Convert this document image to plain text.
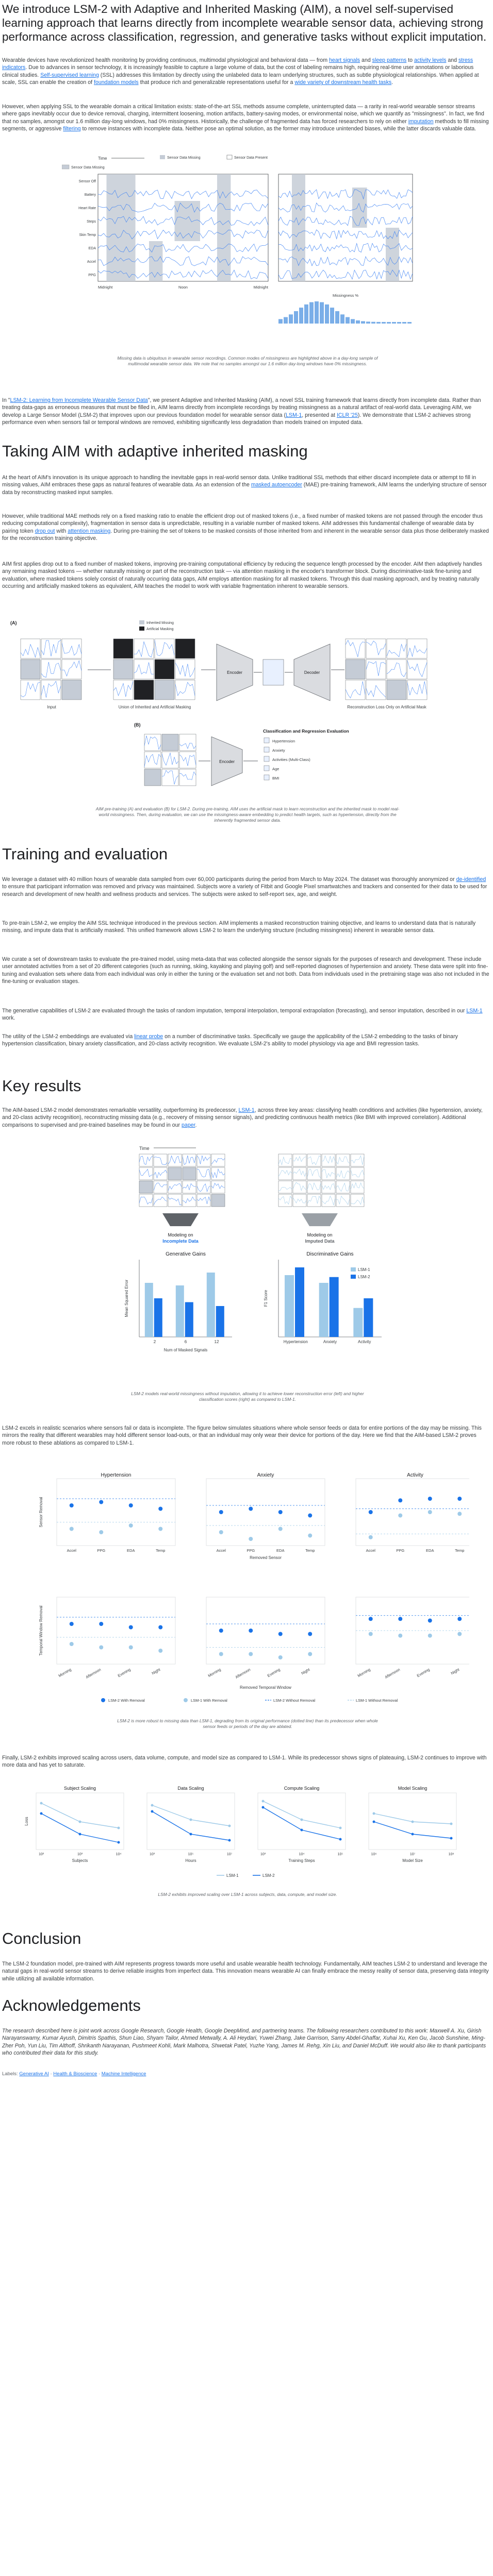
We introduce LSM-2 with Adaptive and Inherited Masking (AIM), a novel self-supervised learning approach that learns directly from incomplete wearable sensor data, achieving strong performance across classification, regression, and generative tasks without explicit imputation.

Wearable devices have revolutionized health monitoring by providing continuous, multimodal physiological and behavioral data — from heart signals and sleep patterns to activity levels and stress indicators. Due to advances in sensor technology, it is increasingly feasible to capture a large volume of data, but the cost of labeling remains high, requiring real-time user annotations or laborious clinical studies. Self-supervised learning (SSL) addresses this limitation by directly using the unlabeled data to learn underlying structures, such as subtle physiological relationships. When applied at scale, SSL can enable the creation of foundation models that produce rich and generalizable representations useful for a wide variety of downstream health tasks.

However, when applying SSL to the wearable domain a critical limitation exists: state-of-the-art SSL methods assume complete, uninterrupted data — a rarity in real-world wearable sensor streams where gaps inevitably occur due to device removal, charging, intermittent loosening, motion artifacts, battery-saving modes, or environmental noise, which we quantify as "missingness". In fact, we find that no samples, amongst our 1.6 million day-long windows, had 0% missingness. Historically, the challenge of fragmented data has forced researchers to rely on either imputation methods to fill missing segments, or aggressive filtering to remove instances with incomplete data. Neither pose an optimal solution, as the former may introduce unintended biases, while the latter discards valuable data.

Sensor Data Missing
Sensor Off
Battery
Heart Rate
Steps
Skin Temp
EDA
Accel
PPG
Time	Sensor Data Missing	Sensor Data Present
Midnight	Noon	Midnight
Missingness %

Missing data is ubiquitous in wearable sensor recordings. Common modes of missingness are highlighted above in a day-long sample of multimodal wearable sensor data. We note that no samples amongst our 1.6 million day-long windows have 0% missingness.

In "LSM-2: Learning from Incomplete Wearable Sensor Data", we present Adaptive and Inherited Masking (AIM), a novel SSL training framework that learns directly from incomplete data. Rather than treating data-gaps as erroneous measures that must be filled in, AIM learns directly from incomplete recordings by treating missingness as a natural artifact of real-world data. Leveraging AIM, we develop a Large Sensor Model (LSM-2) that improves upon our previous foundation model for wearable sensor data (LSM-1, presented at ICLR '25). We demonstrate that LSM-2 achieves strong performance even when sensors fail or temporal windows are removed, exhibiting significantly less degradation than models trained on imputed data.

Taking AIM with adaptive inherited masking

At the heart of AIM's innovation is its unique approach to handling the inevitable gaps in real-world sensor data. Unlike traditional SSL methods that either discard incomplete data or attempt to fill in missing values, AIM embraces these gaps as natural features of wearable data. As an extension of the masked autoencoder (MAE) pre-training framework, AIM learns the underlying structure of sensor data by reconstructing masked input samples.

However, while traditional MAE methods rely on a fixed masking ratio to enable the efficient drop out of masked tokens (i.e., a fixed number of masked tokens are not passed through the encoder thus reducing computational complexity), fragmentation in sensor data is unpredictable, resulting in a variable number of masked tokens. AIM addresses this fundamental challenge of wearable data by pairing token drop out with attention masking. During pre-training the set of tokens to be masked consists of those inherited from and inherent in the wearable sensor data plus those deliberately masked for the reconstruction training objective.

AIM first applies drop out to a fixed number of masked tokens, improving pre-training computational efficiency by reducing the sequence length processed by the encoder. AIM then adaptively handles any remaining masked tokens — whether naturally missing or part of the reconstruction task — via attention masking in the encoder's transformer block. During discriminative-task fine-tuning and evaluation, where masked tokens solely consist of naturally occurring data gaps, AIM employs attention masking for all masked tokens. Through this dual masking approach, and by treating naturally occurring and artificially masked tokens as equivalent, AIM teaches the model to work with variable fragmentation inherent to wearable sensors.

(A)	Inherited Missing
Artificial Masking
Input	Union of Inherited and Artificial Masking
Encoder	Decoder
Reconstruction Loss Only on Artificial Mask
(B)
Encoder
Classification and Regression Evaluation
Hypertension
Anxiety
Activities (Multi-Class)
Age
BMI

AIM pre-training (A) and evaluation (B) for LSM-2. During pre-training, AIM uses the artificial mask to learn reconstruction and the inherited mask to model real-world missingness. Then, during evaluation, we can use the missingness-aware embedding to predict health targets, such as hypertension, directly from the inherently fragmented sensor data.

Training and evaluation

We leverage a dataset with 40 million hours of wearable data sampled from over 60,000 participants during the period from March to May 2024. The dataset was thoroughly anonymized or de-identified to ensure that participant information was removed and privacy was maintained. Subjects wore a variety of Fitbit and Google Pixel smartwatches and trackers and consented for their data to be used for research and development of new health and wellness products and services. The subjects were asked to self-report sex, age, and weight.

To pre-train LSM-2, we employ the AIM SSL technique introduced in the previous section. AIM implements a masked reconstruction training objective, and learns to understand data that is naturally missing, and impute data that is artificially masked. This unified framework allows LSM-2 to learn the underlying structure (including missingness) inherent in wearable sensor data.

We curate a set of downstream tasks to evaluate the pre-trained model, using meta-data that was collected alongside the sensor signals for the purposes of research and development. These include user annotated activities from a set of 20 different categories (such as running, skiing, kayaking and playing golf) and self-reported diagnoses of hypertension and anxiety. These data were split into fine-tuning and evaluation sets where data from each individual was only in either the tuning or the evaluation set and not both. Data from individuals used in the pretraining stage was also not included in the fine-tuning or evaluation stages.

The generative capabilities of LSM-2 are evaluated through the tasks of random imputation, temporal interpolation, temporal extrapolation (forecasting), and sensor imputation, described in our LSM-1 work.

The utility of the LSM-2 embeddings are evaluated via linear probe on a number of discriminative tasks. Specifically we gauge the applicability of the LSM-2 embedding to the tasks of binary hypertension classification, binary anxiety classification, and 20-class activity recognition. We evaluate LSM-2's ability to model physiology via age and BMI regression tasks.

Key results

The AIM-based LSM-2 model demonstrates remarkable versatility, outperforming its predecessor, LSM-1, across three key areas: classifying health conditions and activities (like hypertension, anxiety, and 20-class activity recognition), reconstructing missing data (e.g., recovery of missing sensor signals), and predicting continuous health metrics (like BMI with improved correlation). Additional comparisons to supervised and pre-trained baselines may be found in our paper.

Time
Modeling on
Incomplete Data
Modeling on
Imputed Data
Generative Gains
Mean Squared Error
Num of Masked Signals
2	6	12
Discriminative Gains
F1 Score
Hypertension	Anxiety	Activity
LSM-1
LSM-2

LSM-2 models real-world missingness without imputation, allowing it to achieve lower reconstruction error (left) and higher classification scores (right) as compared to LSM-1.

LSM-2 excels in realistic scenarios where sensors fail or data is incomplete. The figure below simulates situations where whole sensor feeds or data for entire portions of the day may be missing. This mirrors the reality that different wearables may hold different sensor load-outs, or that an individual may only wear their device for portions of the day. Here we find that the AIM-based LSM-2 proves more robust to these ablations as compared to LSM-1.

Hypertension
Accel	PPG	EDA	Temp
Sensor Removal
Anxiety
Accel	PPG	EDA	Temp
Removed Sensor
Activity
Accel	PPG	EDA	Temp
Morning	Afternoon	Evening	Night
Temporal Window Removal
Morning	Afternoon	Evening	Night
Removed Temporal Window
Morning	Afternoon	Evening	Night
LSM-2 With Removal	LSM-1 With Removal	LSM-2 Without Removal	LSM-1 Without Removal

LSM-2 is more robust to missing data than LSM-1, degrading from its original performance (dotted line) than its predecessor when whole sensor feeds or periods of the day are ablated.

Finally, LSM-2 exhibits improved scaling across users, data volume, compute, and model size as compared to LSM-1. While its predecessor shows signs of plateauing, LSM-2 continues to improve with more data and has yet to saturate.

Subject Scaling
10²	10³	10⁴
Subjects
Loss
Data Scaling
10³	10⁵	10⁷
Hours
Compute Scaling
10³	10⁴	10⁵
Training Steps
Model Scaling
10⁶	10⁷	10⁸
Model Size
LSM-1	LSM-2

LSM-2 exhibits improved scaling over LSM-1 across subjects, data, compute, and model size.

Conclusion

The LSM-2 foundation model, pre-trained with AIM represents progress towards more useful and usable wearable health technology. Fundamentally, AIM teaches LSM-2 to understand and leverage the natural gaps in real-world sensor streams to derive reliable insights from imperfect data. This innovation means wearable AI can finally embrace the messy reality of sensor data, preserving data integrity while utilizing all available information.

Acknowledgements

The research described here is joint work across Google Research, Google Health, Google DeepMind, and partnering teams. The following researchers contributed to this work: Maxwell A. Xu, Girish Narayanswamy, Kumar Ayush, Dimitris Spathis, Shun Liao, Shyam Tailor, Ahmed Metwally, A. Ali Heydari, Yuwei Zhang, Jake Garrison, Samy Abdel-Ghaffar, Xuhai Xu, Ken Gu, Jacob Sunshine, Ming-Zher Poh, Yun Liu, Tim Althoff, Shrikanth Narayanan, Pushmeet Kohli, Mark Malhotra, Shwetak Patel, Yuzhe Yang, James M. Rehg, Xin Liu, and Daniel McDuff. We would also like to thank participants who contributed their data for this study.

Labels: Generative AI · Health & Bioscience · Machine Intelligence
